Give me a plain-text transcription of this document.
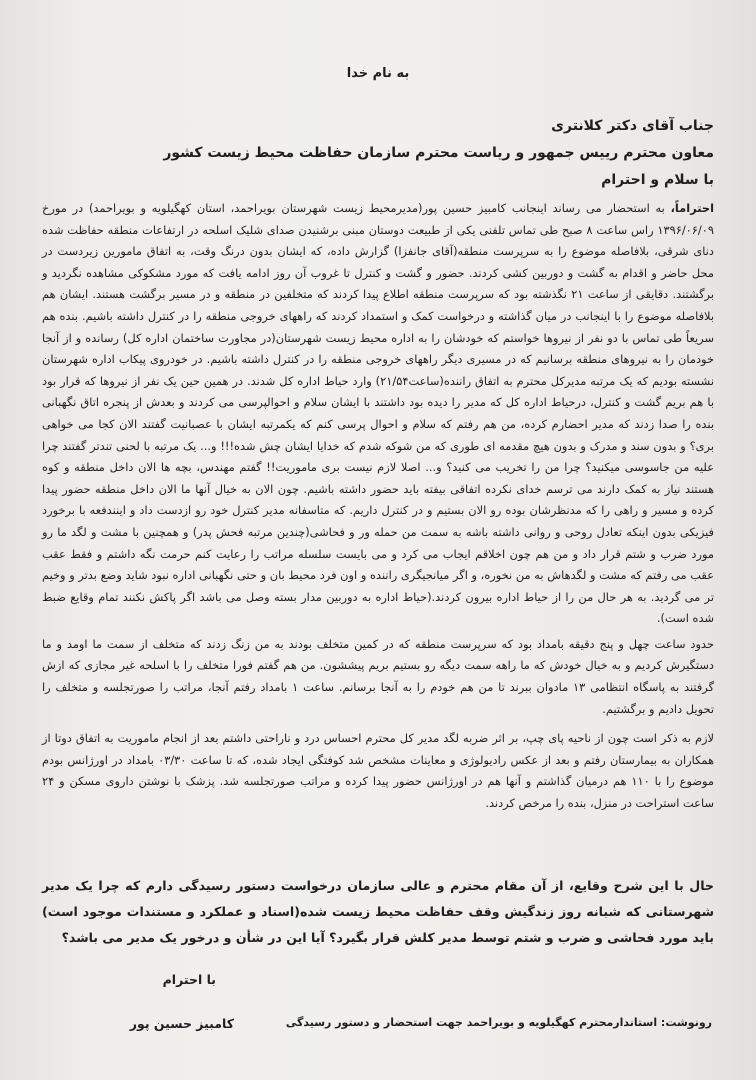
به نام خدا
جناب آقای دکتر کلانتری
معاون محترم رییس جمهور و ریاست محترم سازمان حفاظت محیط زیست کشور
با سلام و احترام

احتراماً، به استحضار می رساند اینجانب کامبیز حسین پور(مدیرمحیط زیست شهرستان بویراحمد، استان کهگیلویه و بویراحمد) در مورخ ۱۳۹۶/۰۶/۰۹ راس ساعت ۸ صبح طی تماس تلفنی یکی از طبیعت دوستان مبنی برشنیدن صدای شلیک اسلحه در ارتفاعات منطقه حفاظت شده دنای شرقی، بلافاصله موضوع را به سرپرست منطقه(آقای جانفزا) گزارش داده، که ایشان بدون درنگ وقت، به اتفاق مامورین زیردست در محل حاضر و اقدام به گشت و دوربین کشی کردند. حضور و گشت و کنترل تا غروب آن روز ادامه یافت که مورد مشکوکی مشاهده نگردید و برگشتند. دقایقی از ساعت ۲۱ نگذشته بود که سرپرست منطقه اطلاع پیدا کردند که متخلفین در منطقه و در مسیر برگشت هستند. ایشان هم بلافاصله موضوع را با اینجانب در میان گذاشته و درخواست کمک و استمداد کردند که راههای خروجی منطقه را در کنترل داشته باشیم. بنده هم سریعاً طی تماس با دو نفر از نیروها خواستم که خودشان را به اداره محیط زیست شهرستان(در مجاورت ساختمان اداره کل) رسانده و از آنجا خودمان را به نیروهای منطقه برسانیم که در مسیری دیگر راههای خروجی منطقه را در کنترل داشته باشیم. در خودروی پیکاب اداره شهرستان نشسته بودیم که یک مرتبه مدیرکل محترم به اتفاق راننده(ساعت۲۱/۵۴) وارد حیاط اداره کل شدند. در همین حین یک نفر از نیروها که قرار بود با هم بریم گشت و کنترل، درحیاط اداره کل که مدیر را دیده بود داشتند با ایشان سلام و احوالپرسی می کردند و بعدش از پنجره اتاق نگهبانی بنده را صدا زدند که مدیر احضارم کرده، من هم رفتم که سلام و احوال پرسی کنم که یکمرتبه ایشان با عصبانیت گفتند الان کجا می خواهی بری؟ و بدون سند و مدرک و بدون هیچ مقدمه ای طوری که من شوکه شدم که خدایا ایشان چش شده!!! و... یک مرتبه با لحنی تندتر گفتند چرا علیه من جاسوسی میکنید؟ چرا من را تخریب می کنید؟ و... اصلا لازم نیست بری ماموریت!! گفتم مهندس، بچه ها الان داخل منطقه و کوه هستند نیاز به کمک دارند می ترسم خدای نکرده اتفاقی بیفته باید حضور داشته باشیم. چون الان به خیال آنها ما الان داخل منطقه حضور پیدا کرده و مسیر و راهی را که مدنظرشان بوده رو الان بستیم و در کنترل داریم. که متاسفانه مدیر کنترل خود رو ازدست داد و اینندفعه با برخورد فیزیکی بدون اینکه تعادل روحی و روانی داشته باشه به سمت من حمله ور و فحاشی(چندین مرتبه فحش پدر) و همچنین با مشت و لگد ما رو مورد ضرب و شتم قرار داد و من هم چون اخلاقم ایجاب می کرد و می بایست سلسله مراتب را رعایت کنم حرمت نگه داشتم و فقط عقب عقب می رفتم که مشت و لگدهاش به من نخوره، و اگر میانجیگری راننده و اون فرد محیط بان و حتی نگهبانی اداره نبود شاید وضع بدتر و وخیم تر می گردید. به هر حال من را از حیاط اداره بیرون کردند.(حیاط اداره به دوربین مدار بسته وصل می باشد اگر پاکش نکنند تمام وقایع ضبط شده است).

حدود ساعت چهل و پنج دقیقه بامداد بود که سرپرست منطقه که در کمین متخلف بودند به من زنگ زدند که متخلف از سمت ما اومد و ما دستگیرش کردیم و به خیال خودش که ما راهه سمت دیگه رو بستیم بریم پیششون. من هم گفتم فورا متخلف را با اسلحه غیر مجازی که ازش گرفتند به پاسگاه انتظامی ۱۳ مادوان ببرند تا من هم خودم را به آنجا برسانم. ساعت ۱ بامداد رفتم آنجا، مراتب را صورتجلسه و متخلف را تحویل دادیم و برگشتیم.

لازم به ذکر است چون از ناحیه پای چپ، بر اثر ضربه لگد مدیر کل محترم احساس درد و ناراحتی داشتم بعد از انجام ماموریت به اتفاق دوتا از همکاران به بیمارستان رفتم و بعد از عکس رادیولوژی و معاینات مشخص شد کوفتگی ایجاد شده، که تا ساعت ۰۳/۳۰ بامداد در اورژانس بودم موضوع را با ۱۱۰ هم درمیان گذاشتم و آنها هم در اورژانس حضور پیدا کرده و مراتب صورتجلسه شد. پزشک با نوشتن داروی مسکن و ۲۴ ساعت استراحت در منزل، بنده را مرخص کردند.

حال با این شرح وقایع، از آن مقام محترم و عالی سازمان درخواست دستور رسیدگی دارم که چرا یک مدیر شهرستانی که شبانه روز زندگیش وقف حفاظت محیط زیست شده(اسناد و عملکرد و مستندات موجود است) باید مورد فحاشی و ضرب و شتم توسط مدیر کلش قرار بگیرد؟ آیا این در شأن و درخور یک مدیر می باشد؟
با احترام
کامبیز حسین پور	رونوشت: استاندارمحترم کهگیلویه و بویراحمد جهت استحضار و دستور رسیدگی
